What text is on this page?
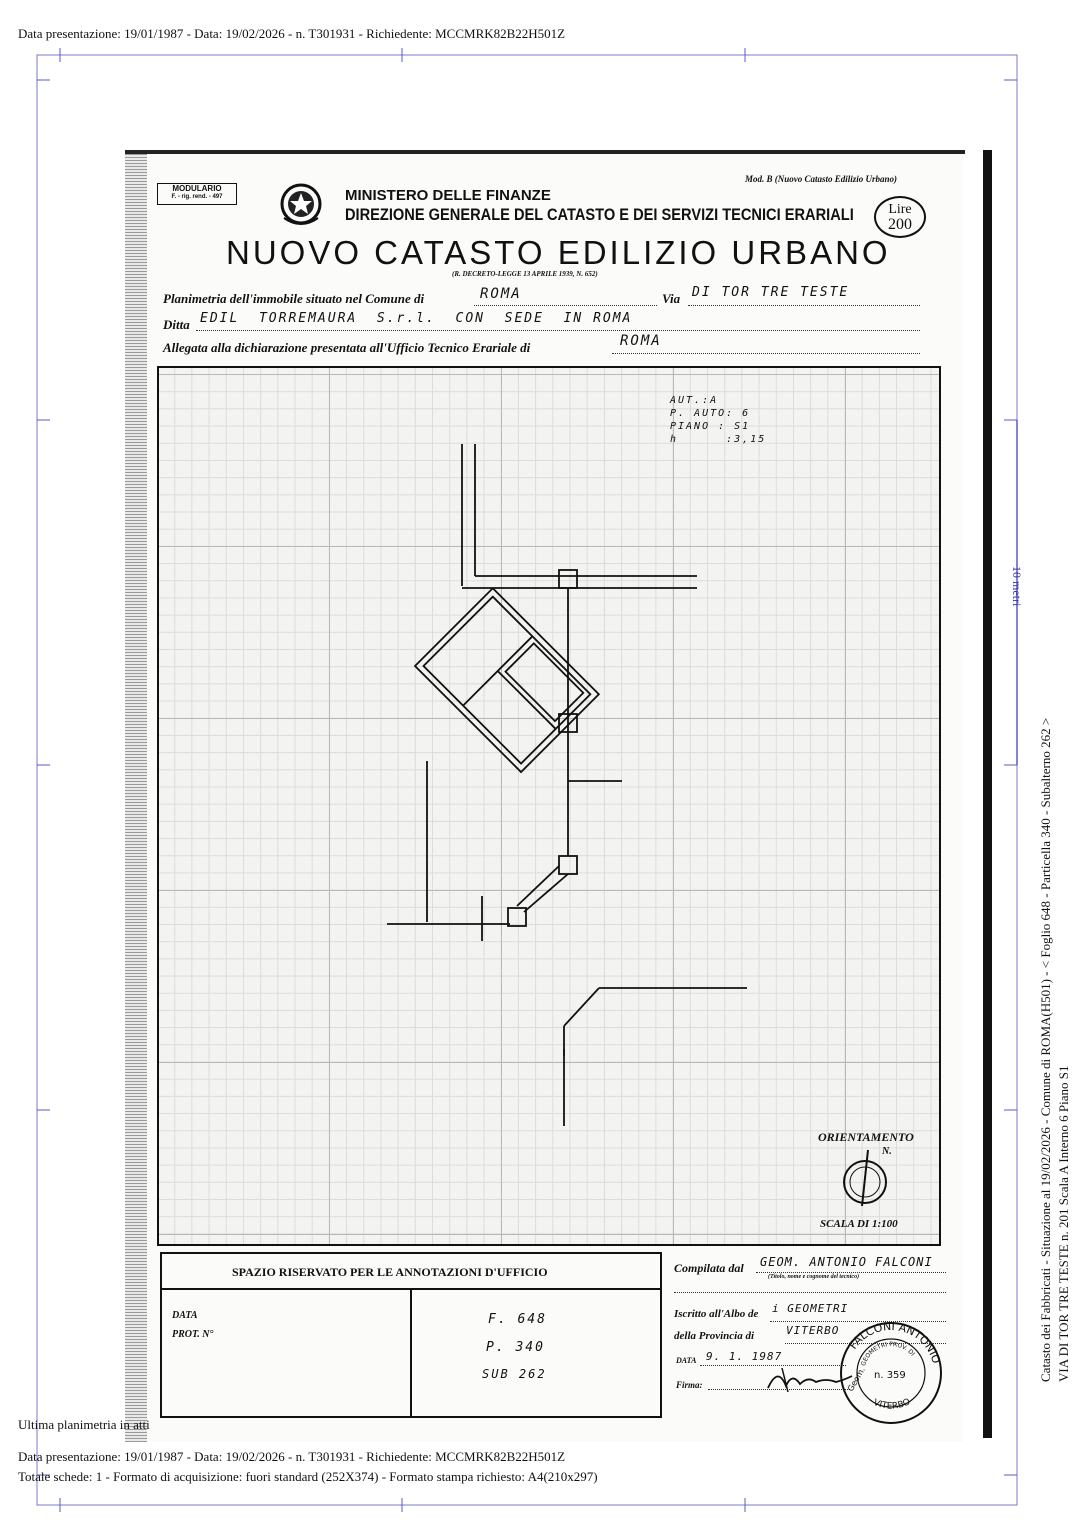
Data presentazione: 19/01/1987 - Data: 19/02/2026 - n. T301931 - Richiedente: MCCMRK82B22H501Z
MODULARIO
F. - rig. rend. - 497	MINISTERO DELLE FINANZE
DIREZIONE GENERALE DEL CATASTO E DEI SERVIZI TECNICI ERARIALI
Mod. B (Nuovo Catasto Edilizio Urbano)
Lire
200
NUOVO CATASTO EDILIZIO URBANO
(R. DECRETO-LEGGE 13 APRILE 1939, N. 652)
Planimetria dell'immobile situato nel Comune di	ROMA	Via DI TOR TRE TESTE
Ditta EDIL  TORREMAURA  S.r.l.  CON  SEDE  IN ROMA
Allegata alla dichiarazione presentata all'Ufficio Tecnico Erariale di	ROMA
AUT.:A
P. AUTO: 6
PIANO : S1
h      :3,15
ORIENTAMENTO
N.
SCALA DI 1:100
SPAZIO RISERVATO PER LE ANNOTAZIONI D'UFFICIO
DATA
PROT. N°
F. 648
P. 340
SUB 262
Compilata dal GEOM. ANTONIO FALCONI
(Titolo, nome e cognome del tecnico)
Iscritto all'Albo de i GEOMETRI
della Provincia di	VITERBO
DATA 9. 1. 1987
Firma:
FALCONI ANTONIO
VITERBO
GEOMETRI PROV. DI
n. 359
Geom.
Ultima planimetria in atti
Data presentazione: 19/01/1987 - Data: 19/02/2026 - n. T301931 - Richiedente: MCCMRK82B22H501Z
Totale schede: 1 - Formato di acquisizione: fuori standard (252X374) - Formato stampa richiesto: A4(210x297)
Catasto dei Fabbricati - Situazione al 19/02/2026 - Comune di ROMA(H501) - < Foglio 648 - Particella 340 - Subalterno 262 > VIA DI TOR TRE TESTE n. 201 Scala A Interno 6 Piano S1
10 metri
